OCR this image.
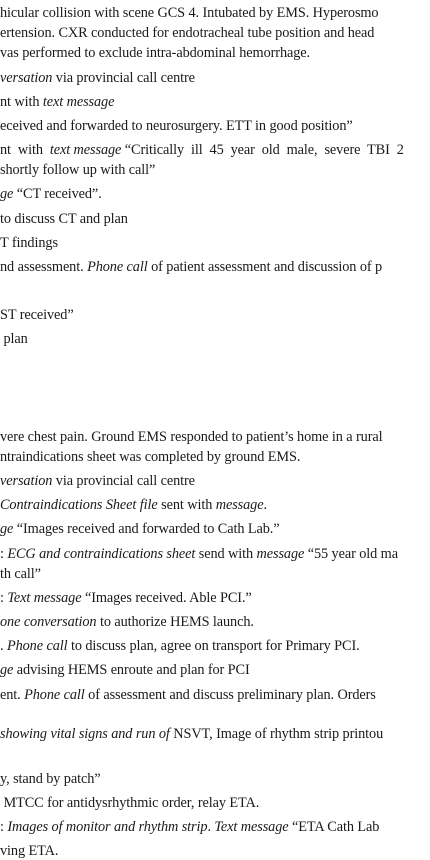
hicular collision with scene GCS 4. Intubated by EMS. Hyperosmo
ertension. CXR conducted for endotracheal tube position and head
vas performed to exclude intra-abdominal hemorrhage.
versation via provincial call centre
nt with text message
eceived and forwarded to neurosurgery. ETT in good position”
nt  with  text message “Critically  ill  45  year  old  male,  severe  TBI  2
shortly follow up with call”
ge “CT received”.
to discuss CT and plan
T findings
nd assessment. Phone call of patient assessment and discussion of p
ST received”
plan
vere chest pain. Ground EMS responded to patient’s home in a rural
ntraindications sheet was completed by ground EMS.
versation via provincial call centre
Contraindications Sheet file sent with message.
ge “Images received and forwarded to Cath Lab.”
: ECG and contraindications sheet send with message “55 year old ma
th call”
: Text message “Images received. Able PCI.”
one conversation to authorize HEMS launch.
. Phone call to discuss plan, agree on transport for Primary PCI.
ge advising HEMS enroute and plan for PCI
ent. Phone call of assessment and discuss preliminary plan. Orders
showing vital signs and run of NSVT, Image of rhythm strip printou
y, stand by patch”
MTCC for antidysrhythmic order, relay ETA.
: Images of monitor and rhythm strip. Text message “ETA Cath Lab
ving ETA.
